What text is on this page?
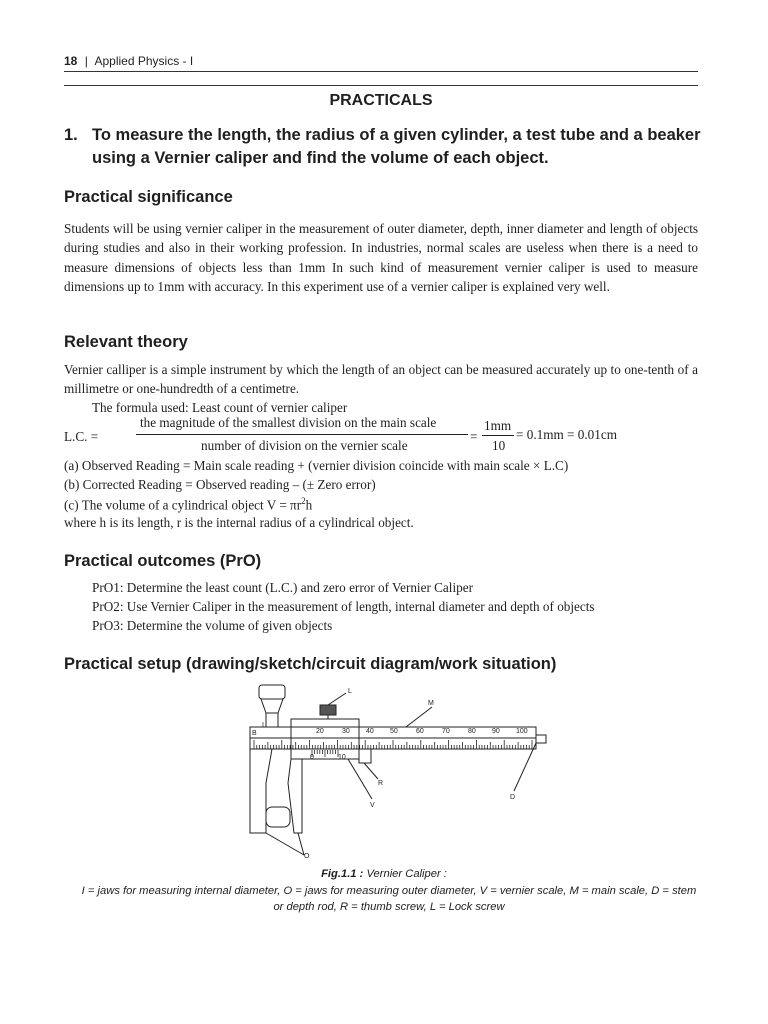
18 | Applied Physics - I
PRACTICALS
1. To measure the length, the radius of a given cylinder, a test tube and a beaker using a Vernier caliper and find the volume of each object.
Practical significance
Students will be using vernier caliper in the measurement of outer diameter, depth, inner diameter and length of objects during studies and also in their working profession. In industries, normal scales are useless when there is a need to measure dimensions of objects less than 1mm In such kind of measurement vernier caliper is used to measure dimensions up to 1mm with accuracy. In this experiment use of a vernier caliper is explained very well.
Relevant theory
Vernier calliper is a simple instrument by which the length of an object can be measured accurately up to one-tenth of a millimetre or one-hundredth of a centimetre.
The formula used: Least count of vernier caliper
L.C. =
the magnitude of the smallest division on the main scale
number of division on the vernier scale
=
1mm
10
= 0.1mm = 0.01cm
(a) Observed Reading = Main scale reading + (vernier division coincide with main scale × L.C)
(b) Corrected Reading = Observed reading – (± Zero error)
(c) The volume of a cylindrical object $V = \pi r^2h$
where h is its length, r is the internal radius of a cylindrical object.
Practical outcomes (PrO)
PrO1: Determine the least count (L.C.) and zero error of Vernier Caliper
PrO2: Use Vernier Caliper in the measurement of length, internal diameter and depth of objects
PrO3: Determine the volume of given objects
Practical setup (drawing/sketch/circuit diagram/work situation)
Fig.1.1 : Vernier Caliper :
I = jaws for measuring internal diameter, O = jaws for measuring outer diameter, V = vernier scale, M = main scale, D = stem or depth rod, R = thumb screw, L = Lock screw
20	30 40 50	60	70	80 90 100
0	10
B
L
M
I
R
V
D
O
